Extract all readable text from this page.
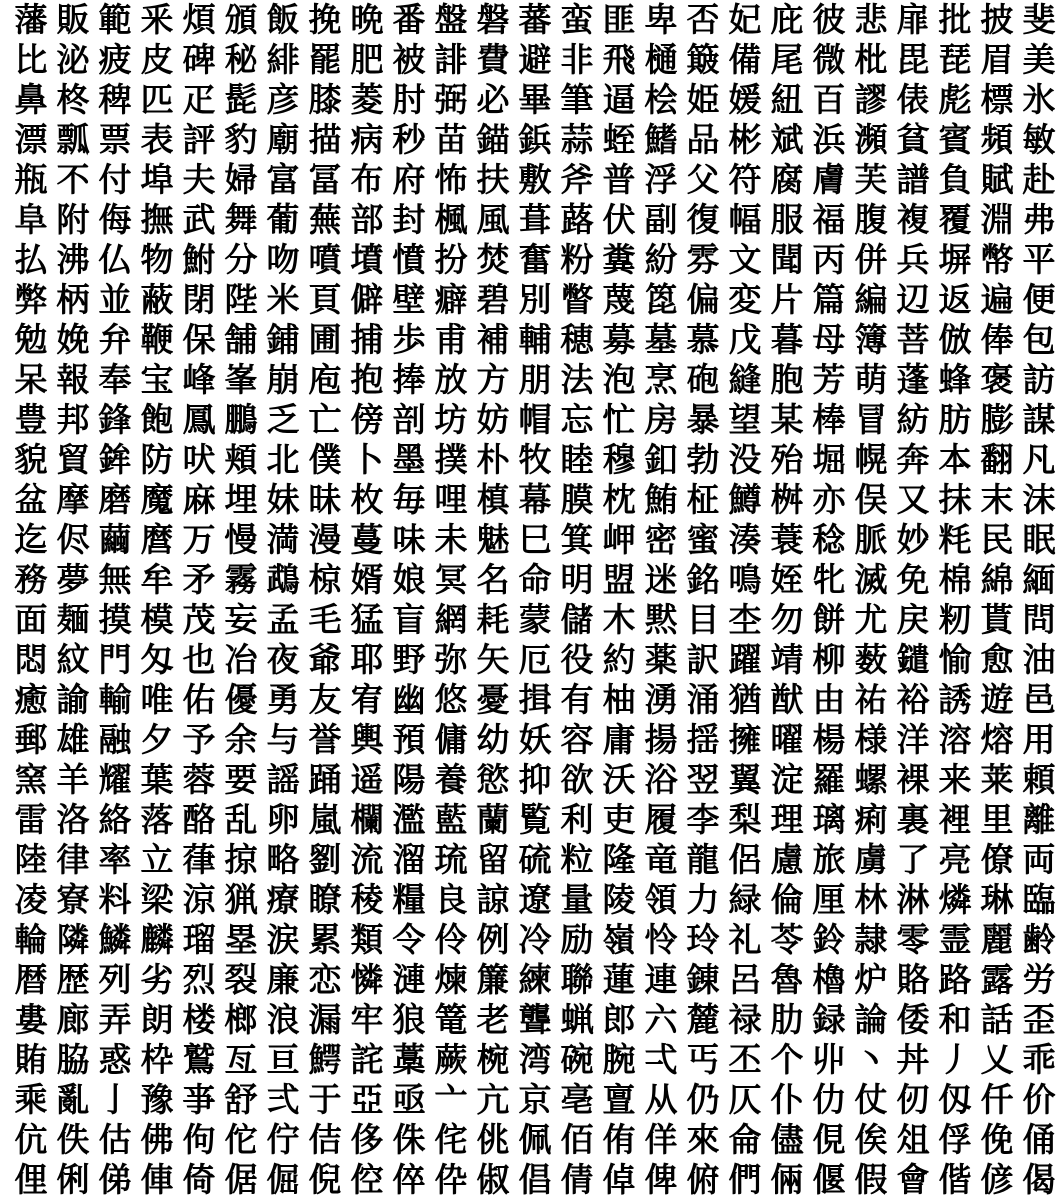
藩 販 範 釆 煩 頒 飯 挽 晩 番 盤 磐 蕃 蛮 匪 卑 否 妃 庇 彼 悲 扉 批 披 斐
比 泌 疲 皮 碑 秘 緋 罷 肥 被 誹 費 避 非 飛 樋 簸 備 尾 微 枇 毘 琵 眉 美
鼻 柊 稗 匹 疋 髭 彦 膝 菱 肘 弼 必 畢 筆 逼 桧 姫 媛 紐 百 謬 俵 彪 標 氷
漂 瓢 票 表 評 豹 廟 描 病 秒 苗 錨 鋲 蒜 蛭 鰭 品 彬 斌 浜 瀕 貧 賓 頻 敏
瓶 不 付 埠 夫 婦 富 冨 布 府 怖 扶 敷 斧 普 浮 父 符 腐 膚 芙 譜 負 賦 赴
阜 附 侮 撫 武 舞 葡 蕪 部 封 楓 風 葺 蕗 伏 副 復 幅 服 福 腹 複 覆 淵 弗
払 沸 仏 物 鮒 分 吻 噴 墳 憤 扮 焚 奮 粉 糞 紛 雰 文 聞 丙 併 兵 塀 幣 平
弊 柄 並 蔽 閉 陛 米 頁 僻 壁 癖 碧 別 瞥 蔑 箆 偏 変 片 篇 編 辺 返 遍 便
勉 娩 弁 鞭 保 舗 鋪 圃 捕 歩 甫 補 輔 穂 募 墓 慕 戊 暮 母 簿 菩 倣 俸 包
呆 報 奉 宝 峰 峯 崩 庖 抱 捧 放 方 朋 法 泡 烹 砲 縫 胞 芳 萌 蓬 蜂 褒 訪
豊 邦 鋒 飽 鳳 鵬 乏 亡 傍 剖 坊 妨 帽 忘 忙 房 暴 望 某 棒 冒 紡 肪 膨 謀
貌 貿 鉾 防 吠 頬 北 僕 卜 墨 撲 朴 牧 睦 穆 釦 勃 没 殆 堀 幌 奔 本 翻 凡
盆 摩 磨 魔 麻 埋 妹 昧 枚 毎 哩 槙 幕 膜 枕 鮪 柾 鱒 桝 亦 俣 又 抹 末 沫
迄 侭 繭 麿 万 慢 満 漫 蔓 味 未 魅 巳 箕 岬 密 蜜 湊 蓑 稔 脈 妙 粍 民 眠
務 夢 無 牟 矛 霧 鵡 椋 婿 娘 冥 名 命 明 盟 迷 銘 鳴 姪 牝 滅 免 棉 綿 緬
面 麺 摸 模 茂 妄 孟 毛 猛 盲 網 耗 蒙 儲 木 黙 目 杢 勿 餅 尤 戻 籾 貰 問
悶 紋 門 匁 也 冶 夜 爺 耶 野 弥 矢 厄 役 約 薬 訳 躍 靖 柳 薮 鑓 愉 愈 油
癒 諭 輸 唯 佑 優 勇 友 宥 幽 悠 憂 揖 有 柚 湧 涌 猶 猷 由 祐 裕 誘 遊 邑
郵 雄 融 夕 予 余 与 誉 輿 預 傭 幼 妖 容 庸 揚 揺 擁 曜 楊 様 洋 溶 熔 用
窯 羊 耀 葉 蓉 要 謡 踊 遥 陽 養 慾 抑 欲 沃 浴 翌 翼 淀 羅 螺 裸 来 莱 頼
雷 洛 絡 落 酪 乱 卵 嵐 欄 濫 藍 蘭 覧 利 吏 履 李 梨 理 璃 痢 裏 裡 里 離
陸 律 率 立 葎 掠 略 劉 流 溜 琉 留 硫 粒 隆 竜 龍 侶 慮 旅 虜 了 亮 僚 両
凌 寮 料 梁 涼 猟 療 瞭 稜 糧 良 諒 遼 量 陵 領 力 緑 倫 厘 林 淋 燐 琳 臨
輪 隣 鱗 麟 瑠 塁 涙 累 類 令 伶 例 冷 励 嶺 怜 玲 礼 苓 鈴 隷 零 霊 麗 齢
暦 歴 列 劣 烈 裂 廉 恋 憐 漣 煉 簾 練 聯 蓮 連 錬 呂 魯 櫓 炉 賂 路 露 労
婁 廊 弄 朗 楼 榔 浪 漏 牢 狼 篭 老 聾 蝋 郎 六 麓 禄 肋 録 論 倭 和 話 歪
賄 脇 惑 枠 鷲 亙 亘 鰐 詫 藁 蕨 椀 湾 碗 腕 弌 丐 丕 个 丱 丶 丼 丿 乂 乖
乘 亂 亅 豫 亊 舒 弍 于 亞 亟 亠 亢 京 亳 亶 从 仍 仄 仆 仂 仗 仞 仭 仟 价
伉 佚 估 佛 佝 佗 佇 佶 侈 侏 侘 佻 佩 佰 侑 佯 來 侖 儘 俔 俟 俎 俘 俛 俑
俚 俐 俤 俥 倚 倨 倔 倪 倥 倅 伜 俶 倡 倩 倬 俾 俯 們 倆 偃 假 會 偕 偐 偈
